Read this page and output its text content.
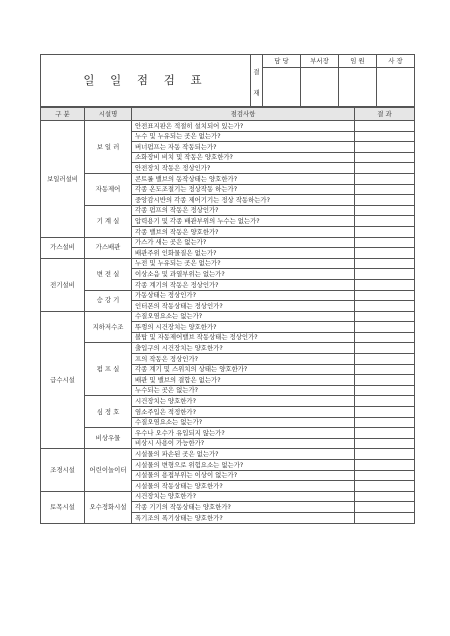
일 일 점 검 표	결
재	담 당	부서장	임 원	사 장

구 분	시설명	점검사항	결 과
보일러설비	보 일 러	안전표지판은 적절히 설치되어 있는가?	
		누수 및 누유되는 곳은 없는가?	
		버너펌프는 자동 작동되는가?	
		소화장비 비치 및 작동은 양호한가?	
		안전장치 작동은 정상인가?	
	자동제어	콘트롤 밸브의 동작상태는 양호한가?	
		각종 온도조절기는 정상작동 하는가?	
		중앙감시반의 각종 제어기기는 정상 작동하는가?	
	기 계 실	각종 펌프의 작동은 정상인가?	
		압력용기 및 각종 배관부위의 누수는 없는가?	
		각종 밸브의 작동은 양호한가?	
가스설비	가스배관	가스가 새는 곳은 없는가?	
		배관주위 인화물질은 없는가?	
전기설비	변 전 실	누전 및 누유되는 곳은 없는가?	
		이상소음 및 과열부위는 없는가?	
		각종 계기의 작동은 정상인가?	
	승 강 기	가동상태는 정상인가?	
		인터폰의 작동상태는 정상인가?	
급수시설	지하저수조	수질오염요소는 없는가?	
		뚜껑의 시건장치는 양호한가?	
		볼탑 및 자동제어밸브 작동상태는 정상인가?	
	펌 프 실	출입구의 시건장치는 양호한가?	
		프의 작동은 정상인가?	
		각종 계기 및 스위치의 상태는 양호한가?	
		배관 및 밸브의 결합은 없는가?	
		누수되는 곳은 없는가?	
	심 정 호	시건장치는 양호한가?	
		염소주입은 적정한가?	
		수질오염요소는 없는가?	
	비상우물	우수나 오수가 유입되지 않는가?	
		비상시 사용이 가능한가?	
조경시설	어린이놀이터	시설물의 파손된 곳은 없는가?	
		시설물의 변형으로 위험요소는 없는가?	
		시설물의 용접부위는 이상이 없는가?	
		시설물의 작동상태는 양호한가?	
토목시설	오수정화시설	시건장치는 양호한가?	
		각종 기기의 작동상태는 양호한가?	
		폭기조의 폭기상태는 양호한가?	
